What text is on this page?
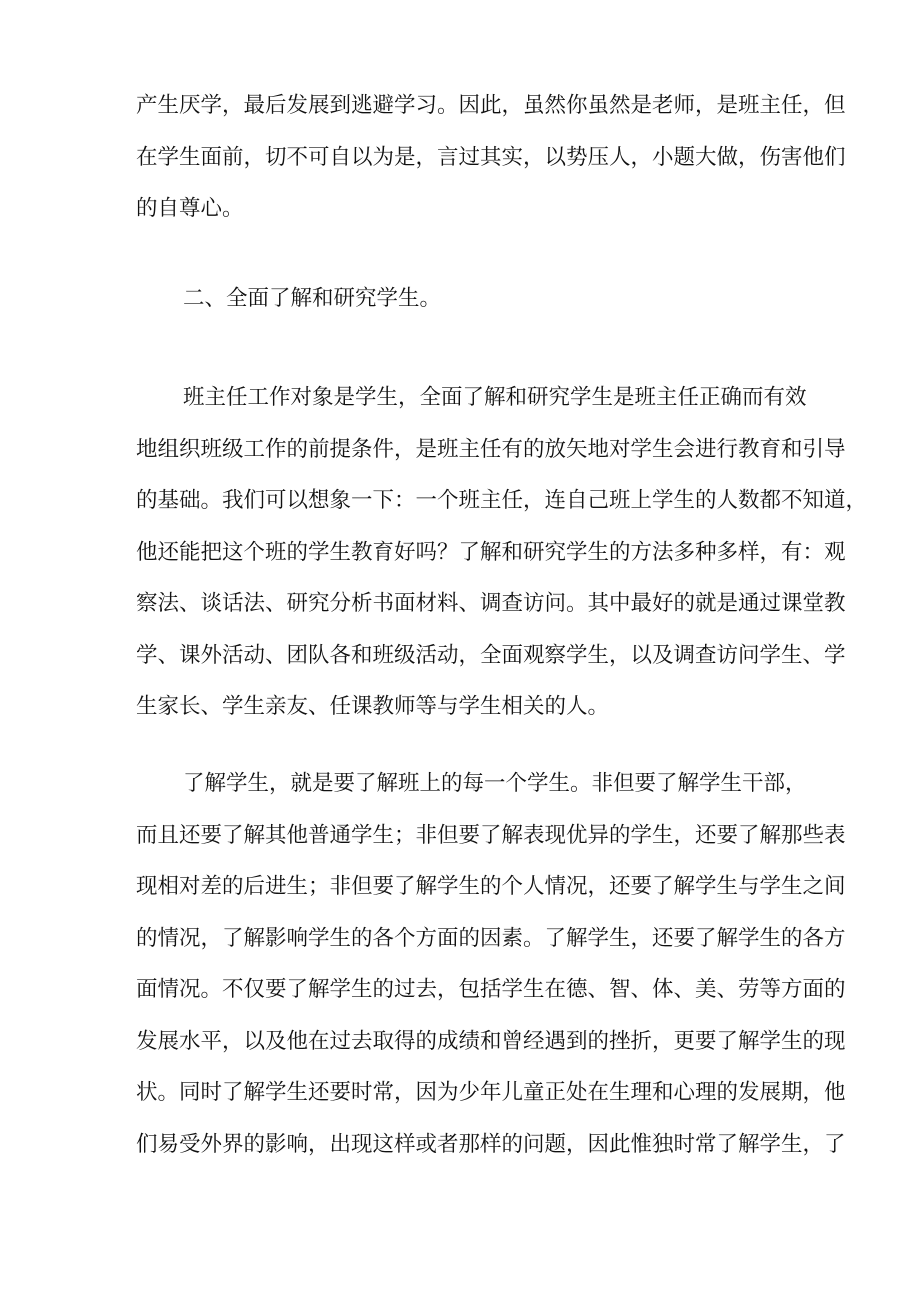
产生厌学，最后发展到逃避学习。因此，虽然你虽然是老师，是班主任，但
在学生面前，切不可自以为是，言过其实，以势压人，小题大做，伤害他们
的自尊心。
二、全面了解和研究学生。
班主任工作对象是学生，全面了解和研究学生是班主任正确而有效
地组织班级工作的前提条件，是班主任有的放矢地对学生会进行教育和引导
的基础。我们可以想象一下：一个班主任，连自己班上学生的人数都不知道，
他还能把这个班的学生教育好吗？了解和研究学生的方法多种多样，有：观
察法、谈话法、研究分析书面材料、调查访问。其中最好的就是通过课堂教
学、课外活动、团队各和班级活动，全面观察学生，以及调查访问学生、学
生家长、学生亲友、任课教师等与学生相关的人。
了解学生，就是要了解班上的每一个学生。非但要了解学生干部，
而且还要了解其他普通学生；非但要了解表现优异的学生，还要了解那些表
现相对差的后进生；非但要了解学生的个人情况，还要了解学生与学生之间
的情况，了解影响学生的各个方面的因素。了解学生，还要了解学生的各方
面情况。不仅要了解学生的过去，包括学生在德、智、体、美、劳等方面的
发展水平，以及他在过去取得的成绩和曾经遇到的挫折，更要了解学生的现
状。同时了解学生还要时常，因为少年儿童正处在生理和心理的发展期，他
们易受外界的影响，出现这样或者那样的问题，因此惟独时常了解学生，了
